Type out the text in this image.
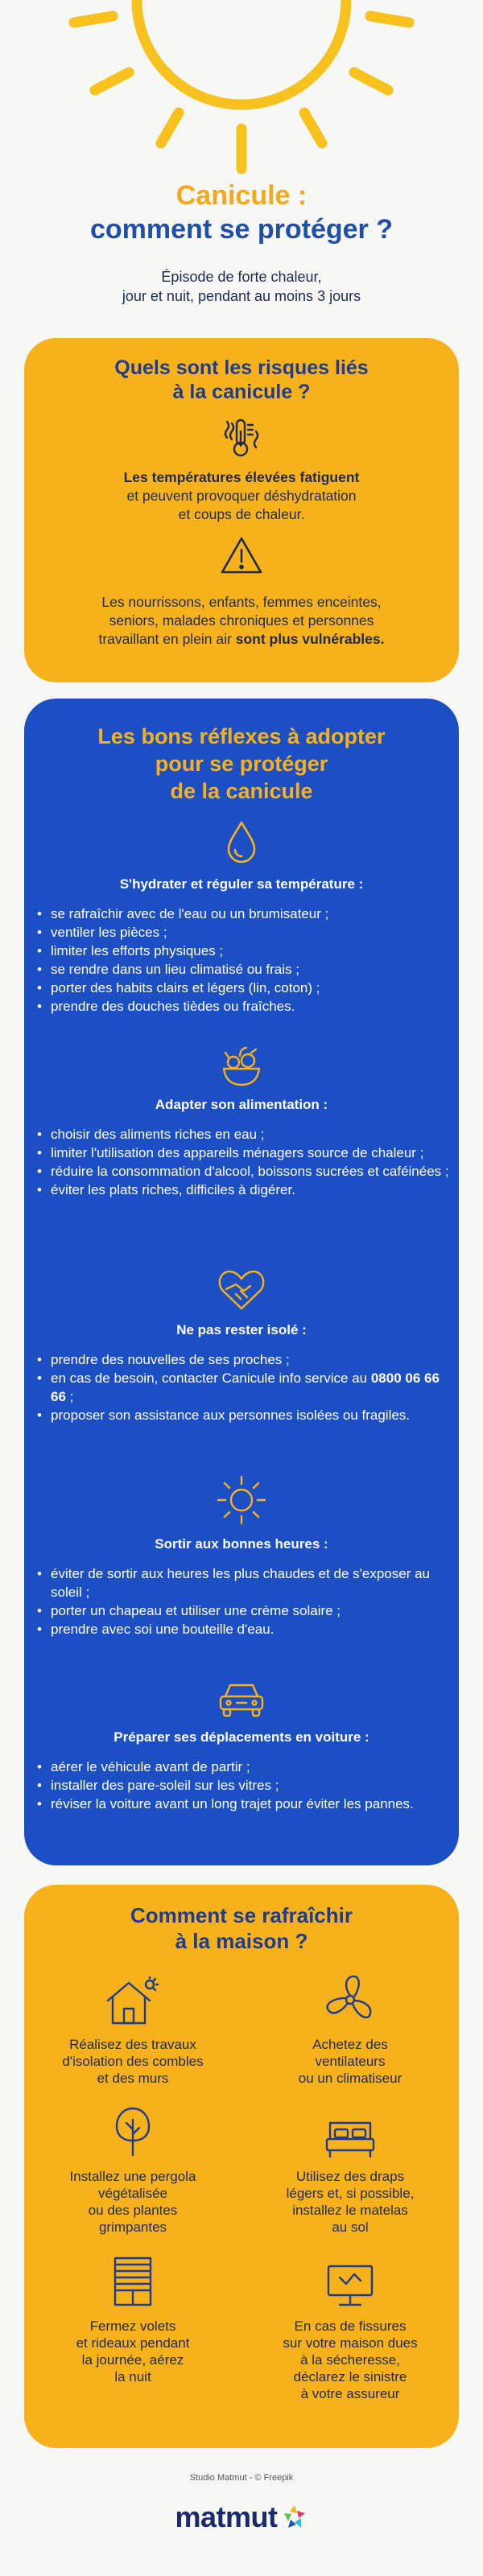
Canicule :
comment se protéger ?

Épisode de forte chaleur,
jour et nuit, pendant au moins 3 jours

Quels sont les risques liés
à la canicule ?
Les températures élevées fatiguent
et peuvent provoquer déshydratation
et coups de chaleur.
Les nourrissons, enfants, femmes enceintes,
seniors, malades chroniques et personnes
travaillant en plein air sont plus vulnérables.
Les bons réflexes à adopter
pour se protéger
de la canicule
S'hydrater et réguler sa température :
• se rafraîchir avec de l'eau ou un brumisateur ;
• ventiler les pièces ;
• limiter les efforts physiques ;
• se rendre dans un lieu climatisé ou frais ;
• porter des habits clairs et légers (lin, coton) ;
• prendre des douches tièdes ou fraîches.
Adapter son alimentation :
• choisir des aliments riches en eau ;
• limiter l'utilisation des appareils ménagers source de chaleur ;
• réduire la consommation d'alcool, boissons sucrées et caféinées ;
• éviter les plats riches, difficiles à digérer.
Ne pas rester isolé :
• prendre des nouvelles de ses proches ;
• en cas de besoin, contacter Canicule info service au 0800 06 66 66 ;
• proposer son assistance aux personnes isolées ou fragiles.
Sortir aux bonnes heures :
• éviter de sortir aux heures les plus chaudes et de s'exposer au soleil ;
• porter un chapeau et utiliser une crème solaire ;
• prendre avec soi une bouteille d'eau.
Préparer ses déplacements en voiture :
• aérer le véhicule avant de partir ;
• installer des pare-soleil sur les vitres ;
• réviser la voiture avant un long trajet pour éviter les pannes.
Comment se rafraîchir
à la maison ?
Réalisez des travaux
d'isolation des combles
et des murs
Achetez des
ventilateurs
ou un climatiseur
Installez une pergola
végétalisée
ou des plantes
grimpantes
Utilisez des draps
légers et, si possible,
installez le matelas
au sol
Fermez volets
et rideaux pendant
la journée, aérez
la nuit
En cas de fissures
sur votre maison dues
à la sécheresse,
déclarez le sinistre
à votre assureur
Studio Matmut - © Freepik
matmut
